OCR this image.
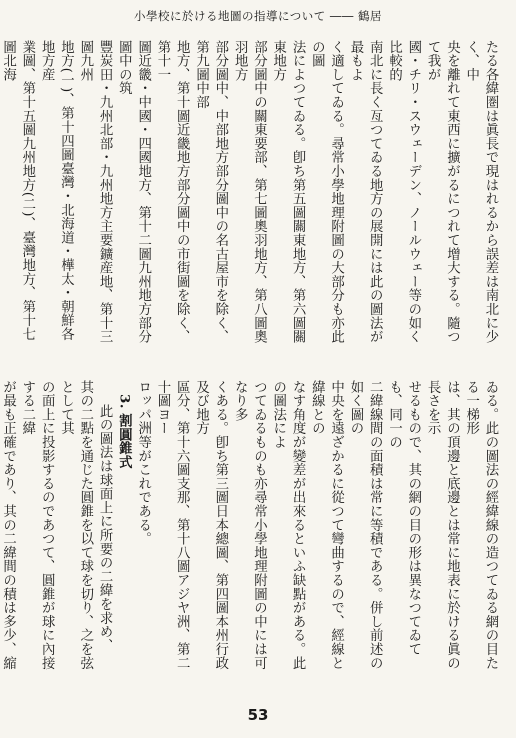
小學校に於ける地圖の指導について ―― 鶴居

たる各緯圏は眞長で現はれるから誤差は南北に少く、中

央を離れて東西に擴がるにつれて增大する。隨つて我が

國・チリ・スウェーデン、ノールウェー等の如く比較的

南北に長く亙つてゐる地方の展開には此の圖法が最もよ

く適してゐる。尋常小學地理附圖の大部分も亦此の圖

法によつてゐる。卽ち第五圖關東地方、第六圖關東地方

部分圖中の關東要部、第七圖奧羽地方、第八圖奧羽地方

部分圖中、中部地方部分圖中の名古屋市を除く、第九圖中部

地方、第十圖近畿地方部分圖中の市街圖を除く、第十一

圖近畿・中國・四國地方、第十二圖九州地方部分圖中の筑

豐炭田・九州北部・九州地方主要鑛産地、第十三圖九州

地方(一)、第十四圖臺灣・北海道・樺太・朝鮮各地方産

業圖、第十五圖九州地方(二)、臺灣地方、第十七圖北海

ゐる。此の圖法の經緯線の造つてゐる網の目たる一梯形

は、其の頂邊と底邊とは常に地表に於ける眞の長さを示

せるもので、其の網の目の形は異なつてゐても、同一の

二緯線間の面積は常に等積である。併し前述の如く圖の

中央を遠ざかるに從つて彎曲するので、經線と緯線との

なす角度が變差が出來るといふ缺點がある。此の圖法によ

つてゐるものも亦尋常小學地理附圖の中には可なり多

くある。卽ち第三圖日本總圖、第四圖本州行政及び地方

區分、第十六圖支那、第十八圖アジヤ洲、第二十圖ヨー

ロッパ洲等がこれである。

3. 割圓錐式

此の圖法は球面上に所要の二緯を求め、

其の二點を通じた圓錐を以て球を切り、之を弦として其

の面上に投影するのであつて、圓錐が球に內接する二緯

が最も正確であり、其の二緯間の積は多少、縮

53
